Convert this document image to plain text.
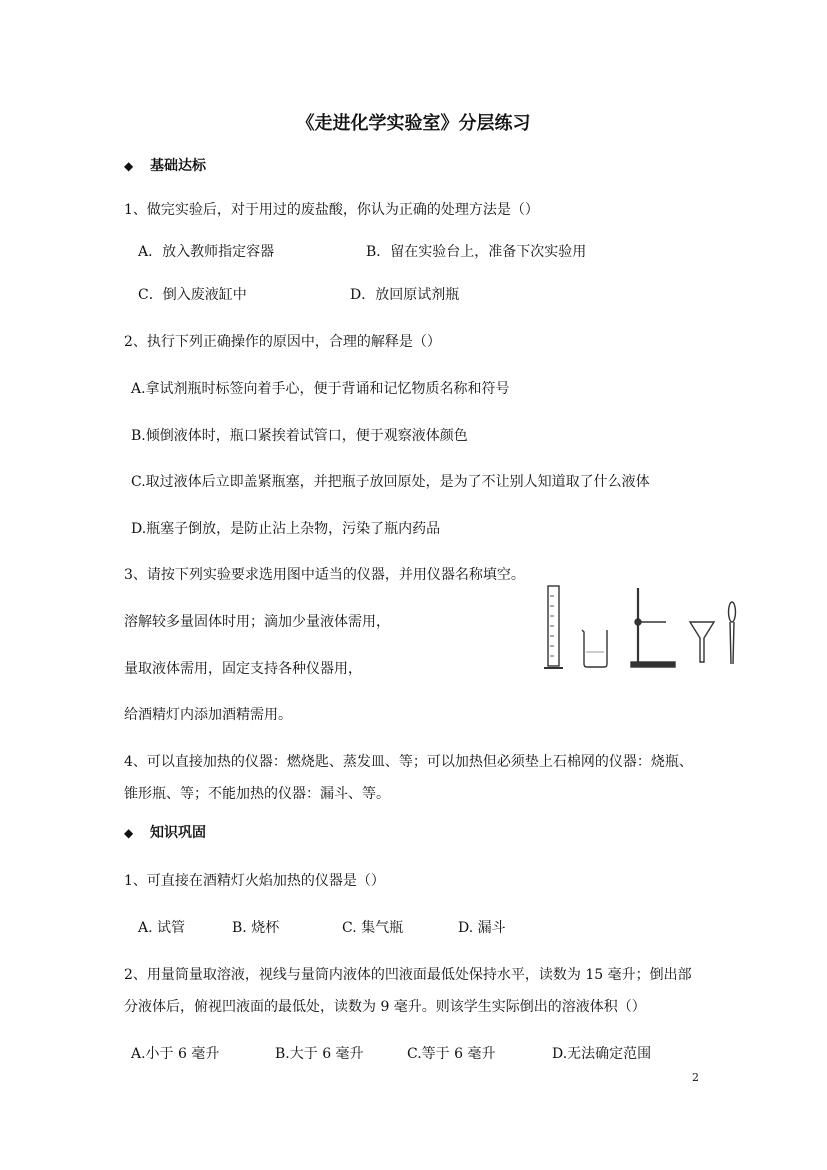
《走进化学实验室》分层练习
◆ 基础达标
1、做完实验后，对于用过的废盐酸，你认为正确的处理方法是（）
A．放入教师指定容器	B．留在实验台上，准备下次实验用
C．倒入废液缸中	D．放回原试剂瓶
2、执行下列正确操作的原因中，合理的解释是（）
A.拿试剂瓶时标签向着手心，便于背诵和记忆物质名称和符号
B.倾倒液体时，瓶口紧挨着试管口，便于观察液体颜色
C.取过液体后立即盖紧瓶塞，并把瓶子放回原处，是为了不让别人知道取了什么液体
D.瓶塞子倒放，是防止沾上杂物，污染了瓶内药品
3、请按下列实验要求选用图中适当的仪器，并用仪器名称填空。
溶解较多量固体时用；滴加少量液体需用，
量取液体需用，固定支持各种仪器用，
给酒精灯内添加酒精需用。
4、可以直接加热的仪器：燃烧匙、蒸发皿、等；可以加热但必须垫上石棉网的仪器：烧瓶、
锥形瓶、等；不能加热的仪器：漏斗、等。
◆ 知识巩固
1、可直接在酒精灯火焰加热的仪器是（）
A. 试管	B. 烧杯	C. 集气瓶	D. 漏斗
2、用量筒量取溶液，视线与量筒内液体的凹液面最低处保持水平，读数为 15 毫升；倒出部
分液体后，俯视凹液面的最低处，读数为 9 毫升。则该学生实际倒出的溶液体积（）
A.小于 6 毫升	B.大于 6 毫升	C.等于 6 毫升	D.无法确定范围
2
